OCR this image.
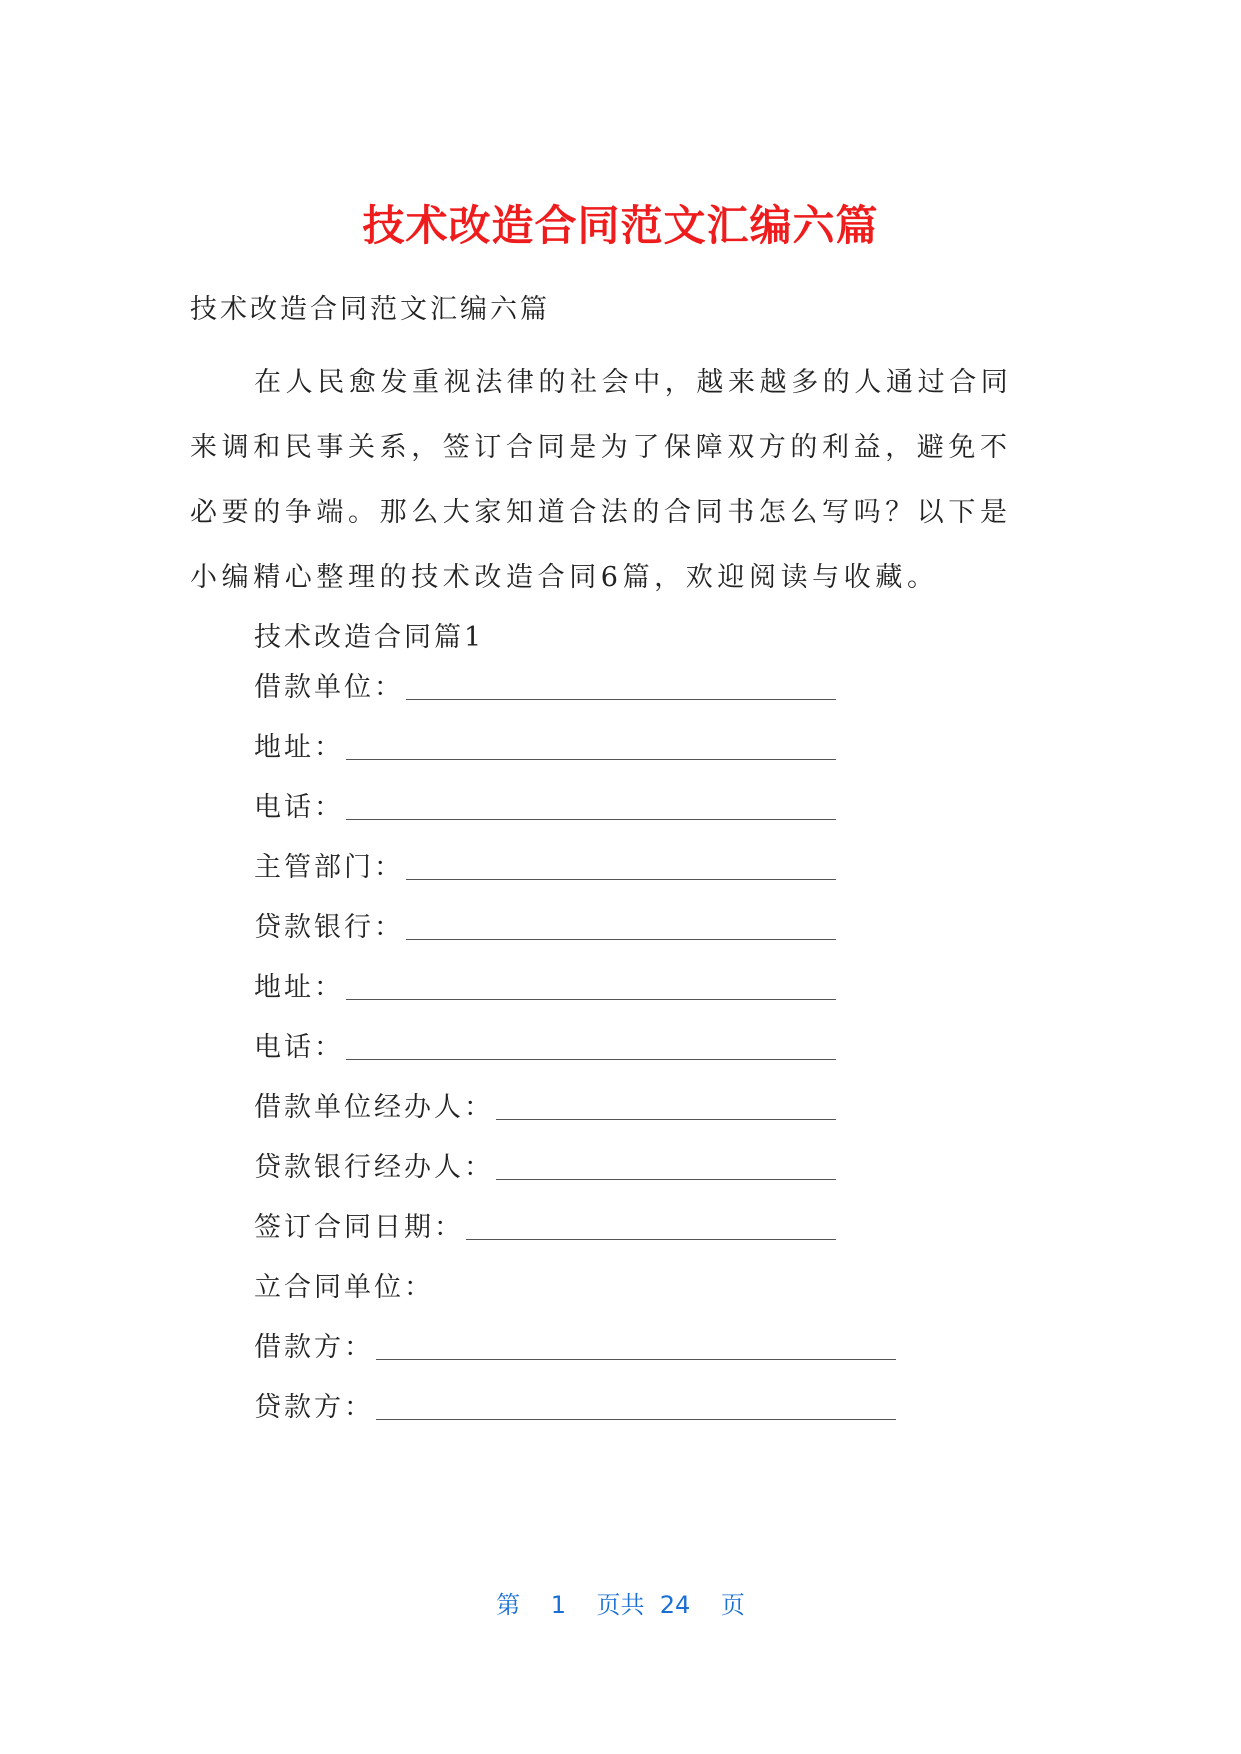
技术改造合同范文汇编六篇

技术改造合同范文汇编六篇

在人民愈发重视法律的社会中，越来越多的人通过合同来调和民事关系，签订合同是为了保障双方的利益，避免不必要的争端。那么大家知道合法的合同书怎么写吗？以下是小编精心整理的技术改造合同6篇，欢迎阅读与收藏。

技术改造合同篇1

借款单位：
地址：
电话：
主管部门：
贷款银行：
地址：
电话：
借款单位经办人：
贷款银行经办人：
签订合同日期：
立合同单位：
借款方：
贷款方：
第 1 页共 24 页
